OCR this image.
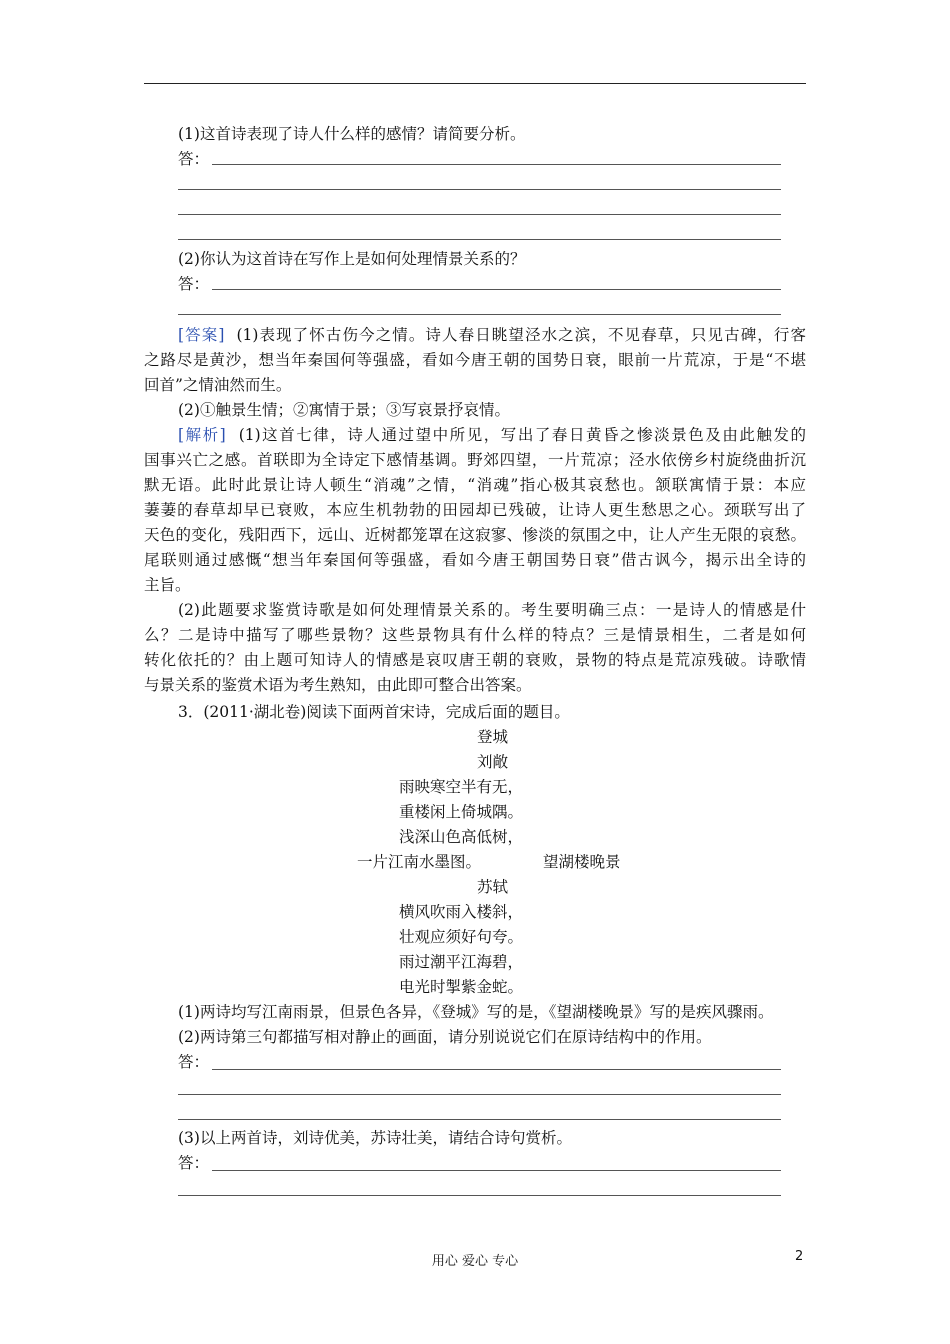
(1)这首诗表现了诗人什么样的感情？请简要分析。
答：
(2)你认为这首诗在写作上是如何处理情景关系的？
答：
[答案] (1)表现了怀古伤今之情。诗人春日眺望泾水之滨，不见春草，只见古碑，行客
之路尽是黄沙，想当年秦国何等强盛，看如今唐王朝的国势日衰，眼前一片荒凉，于是“不堪
回首”之情油然而生。
(2)①触景生情；②寓情于景；③写哀景抒哀情。
[解析] (1)这首七律，诗人通过望中所见，写出了春日黄昏之惨淡景色及由此触发的
国事兴亡之感。首联即为全诗定下感情基调。野郊四望，一片荒凉；泾水依傍乡村旋绕曲折沉
默无语。此时此景让诗人顿生“消魂”之情，“消魂”指心极其哀愁也。颔联寓情于景：本应
萋萋的春草却早已衰败，本应生机勃勃的田园却已残破，让诗人更生愁思之心。颈联写出了
天色的变化，残阳西下，远山、近树都笼罩在这寂寥、惨淡的氛围之中，让人产生无限的哀愁。
尾联则通过感慨“想当年秦国何等强盛，看如今唐王朝国势日衰”借古讽今，揭示出全诗的
主旨。
(2)此题要求鉴赏诗歌是如何处理情景关系的。考生要明确三点：一是诗人的情感是什
么？二是诗中描写了哪些景物？这些景物具有什么样的特点？三是情景相生，二者是如何
转化依托的？由上题可知诗人的情感是哀叹唐王朝的衰败，景物的特点是荒凉残破。诗歌情
与景关系的鉴赏术语为考生熟知，由此即可整合出答案。
3．(2011·湖北卷)阅读下面两首宋诗，完成后面的题目。
登城
刘敞
雨映寒空半有无，
重楼闲上倚城隅。
浅深山色高低树，
一片江南水墨图。	望湖楼晚景
苏轼
横风吹雨入楼斜，
壮观应须好句夸。
雨过潮平江海碧，
电光时掣紫金蛇。
(1)两诗均写江南雨景，但景色各异，《登城》写的是，《望湖楼晚景》写的是疾风骤雨。
(2)两诗第三句都描写相对静止的画面，请分别说说它们在原诗结构中的作用。
答：
(3)以上两首诗，刘诗优美，苏诗壮美，请结合诗句赏析。
答：
用心 爱心 专心	2
